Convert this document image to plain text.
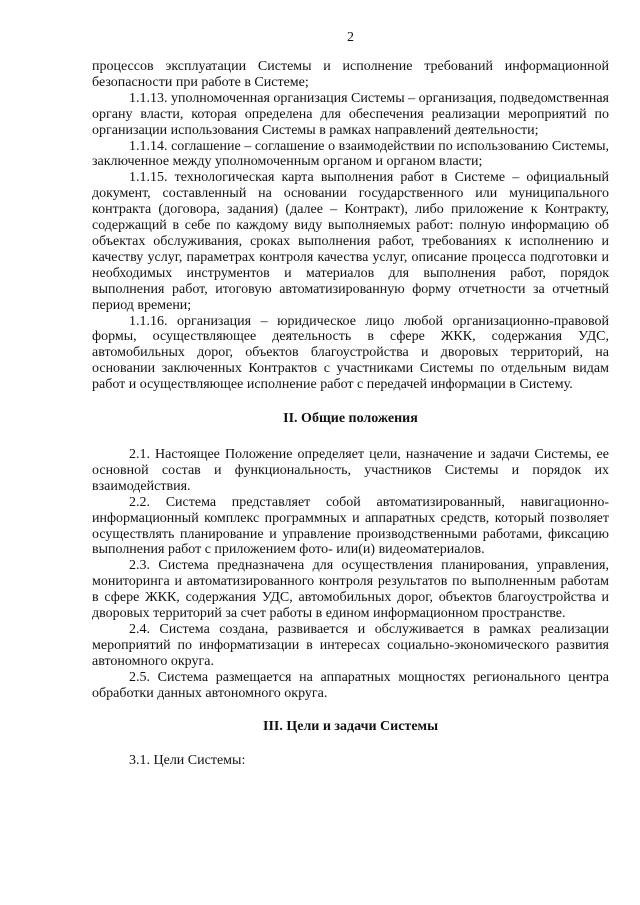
2

процессов эксплуатации Системы и исполнение требований информационной безопасности при работе в Системе;

1.1.13. уполномоченная организация Системы – организация, подведомственная органу власти, которая определена для обеспечения реализации мероприятий по организации использования Системы в рамках направлений деятельности;

1.1.14. соглашение – соглашение о взаимодействии по использованию Системы, заключенное между уполномоченным органом и органом власти;

1.1.15. технологическая карта выполнения работ в Системе – официальный документ, составленный на основании государственного или муниципального контракта (договора, задания) (далее – Контракт), либо приложение к Контракту, содержащий в себе по каждому виду выполняемых работ: полную информацию об объектах обслуживания, сроках выполнения работ, требованиях к исполнению и качеству услуг, параметрах контроля качества услуг, описание процесса подготовки и необходимых инструментов и материалов для выполнения работ, порядок выполнения работ, итоговую автоматизированную форму отчетности за отчетный период времени;

1.1.16. организация – юридическое лицо любой организационно-правовой формы, осуществляющее деятельность в сфере ЖКК, содержания УДС, автомобильных дорог, объектов благоустройства и дворовых территорий, на основании заключенных Контрактов с участниками Системы по отдельным видам работ и осуществляющее исполнение работ с передачей информации в Систему.

II. Общие положения

2.1. Настоящее Положение определяет цели, назначение и задачи Системы, ее основной состав и функциональность, участников Системы и порядок их взаимодействия.

2.2. Система представляет собой автоматизированный, навигационно-информационный комплекс программных и аппаратных средств, который позволяет осуществлять планирование и управление производственными работами, фиксацию выполнения работ с приложением фото- или(и) видеоматериалов.

2.3. Система предназначена для осуществления планирования, управления, мониторинга и автоматизированного контроля результатов по выполненным работам в сфере ЖКК, содержания УДС, автомобильных дорог, объектов благоустройства и дворовых территорий за счет работы в едином информационном пространстве.

2.4. Система создана, развивается и обслуживается в рамках реализации мероприятий по информатизации в интересах социально-экономического развития автономного округа.

2.5. Система размещается на аппаратных мощностях регионального центра обработки данных автономного округа.

III. Цели и задачи Системы

3.1. Цели Системы:
